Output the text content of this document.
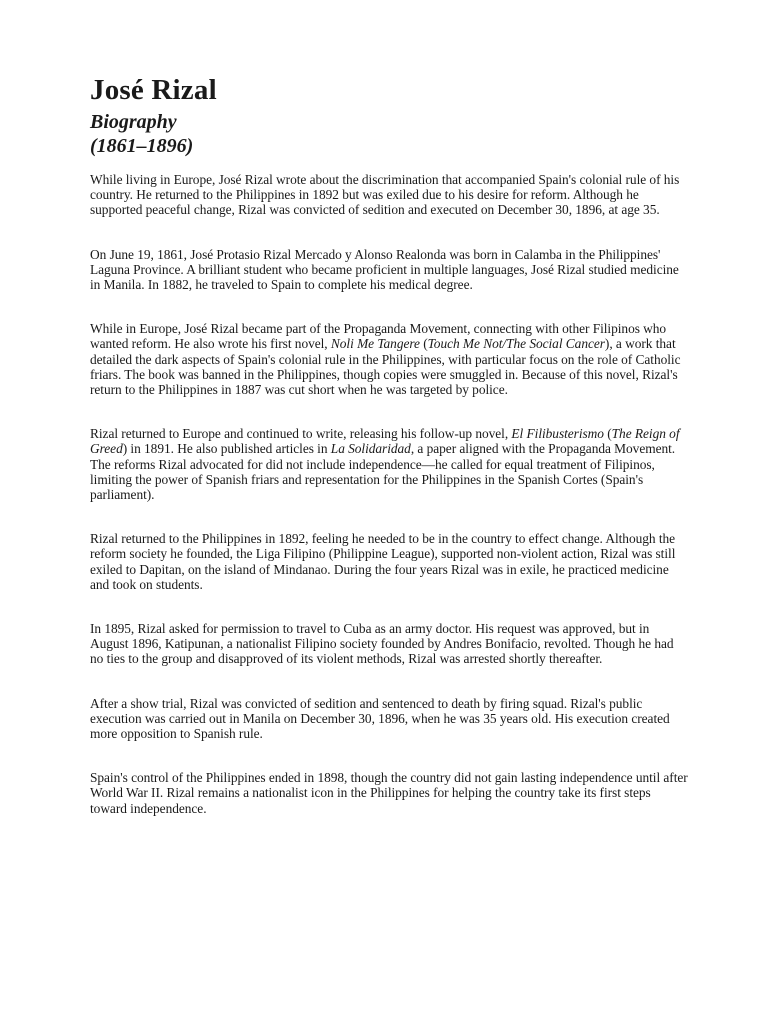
José Rizal
Biography
(1861–1896)

While living in Europe, José Rizal wrote about the discrimination that accompanied Spain's colonial rule of his country. He returned to the Philippines in 1892 but was exiled due to his desire for reform. Although he supported peaceful change, Rizal was convicted of sedition and executed on December 30, 1896, at age 35.

On June 19, 1861, José Protasio Rizal Mercado y Alonso Realonda was born in Calamba in the Philippines' Laguna Province. A brilliant student who became proficient in multiple languages, José Rizal studied medicine in Manila. In 1882, he traveled to Spain to complete his medical degree.

While in Europe, José Rizal became part of the Propaganda Movement, connecting with other Filipinos who wanted reform. He also wrote his first novel, Noli Me Tangere (Touch Me Not/The Social Cancer), a work that detailed the dark aspects of Spain's colonial rule in the Philippines, with particular focus on the role of Catholic friars. The book was banned in the Philippines, though copies were smuggled in. Because of this novel, Rizal's return to the Philippines in 1887 was cut short when he was targeted by police.

Rizal returned to Europe and continued to write, releasing his follow-up novel, El Filibusterismo (The Reign of Greed) in 1891. He also published articles in La Solidaridad, a paper aligned with the Propaganda Movement. The reforms Rizal advocated for did not include independence—he called for equal treatment of Filipinos, limiting the power of Spanish friars and representation for the Philippines in the Spanish Cortes (Spain's parliament).

Rizal returned to the Philippines in 1892, feeling he needed to be in the country to effect change. Although the reform society he founded, the Liga Filipino (Philippine League), supported non-violent action, Rizal was still exiled to Dapitan, on the island of Mindanao. During the four years Rizal was in exile, he practiced medicine and took on students.

In 1895, Rizal asked for permission to travel to Cuba as an army doctor. His request was approved, but in August 1896, Katipunan, a nationalist Filipino society founded by Andres Bonifacio, revolted. Though he had no ties to the group and disapproved of its violent methods, Rizal was arrested shortly thereafter.

After a show trial, Rizal was convicted of sedition and sentenced to death by firing squad. Rizal's public execution was carried out in Manila on December 30, 1896, when he was 35 years old. His execution created more opposition to Spanish rule.

Spain's control of the Philippines ended in 1898, though the country did not gain lasting independence until after World War II. Rizal remains a nationalist icon in the Philippines for helping the country take its first steps toward independence.
